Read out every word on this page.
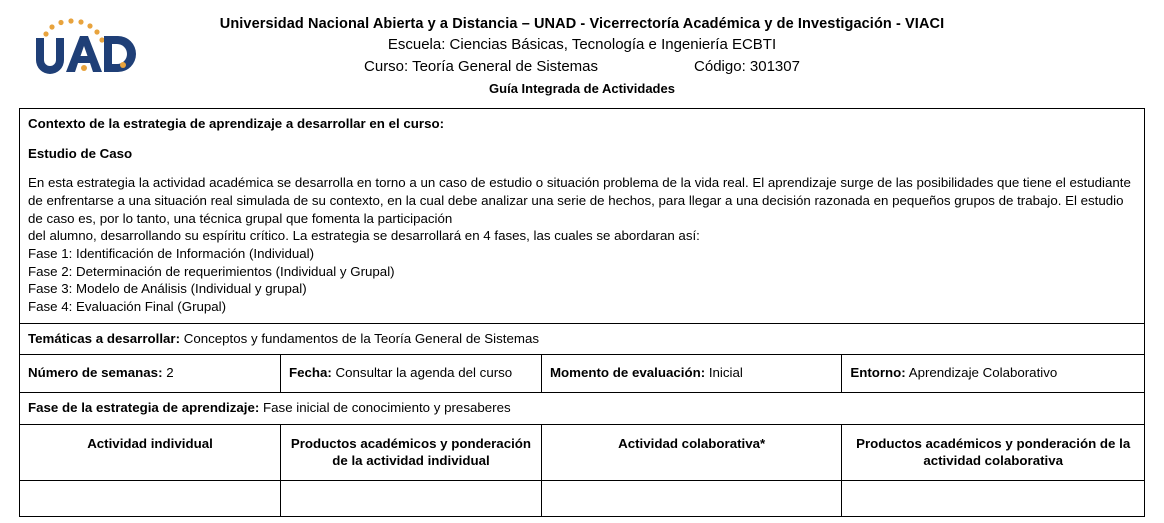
Universidad Nacional Abierta y a Distancia – UNAD - Vicerrectoría Académica y de Investigación - VIACI
Escuela: Ciencias Básicas, Tecnología e Ingeniería ECBTI
Curso: Teoría General de Sistemas	Código: 301307
Guía Integrada de Actividades
Contexto de la estrategia de aprendizaje a desarrollar en el curso:
Estudio de Caso

En esta estrategia la actividad académica se desarrolla en torno a un caso de estudio o situación problema de la vida real. El aprendizaje surge de las posibilidades que tiene el estudiante de enfrentarse a una situación real simulada de su contexto, en la cual debe analizar una serie de hechos, para llegar a una decisión razonada en pequeños grupos de trabajo. El estudio de caso es, por lo tanto, una técnica grupal que fomenta la participación

del alumno, desarrollando su espíritu crítico. La estrategia se desarrollará en 4 fases, las cuales se abordaran así:

Fase 1: Identificación de Información (Individual)

Fase 2: Determinación de requerimientos (Individual y Grupal)

Fase 3: Modelo de Análisis (Individual y grupal)

Fase 4: Evaluación Final (Grupal)

Temáticas a desarrollar: Conceptos y fundamentos de la Teoría General de Sistemas			
Número de semanas: 2	Fecha: Consultar la agenda del curso	Momento de evaluación: Inicial	Entorno: Aprendizaje Colaborativo
Fase de la estrategia de aprendizaje: Fase inicial de conocimiento y presaberes			
Actividad individual	Productos académicos y ponderación de la actividad individual	Actividad colaborativa*	Productos académicos y ponderación de la actividad colaborativa
